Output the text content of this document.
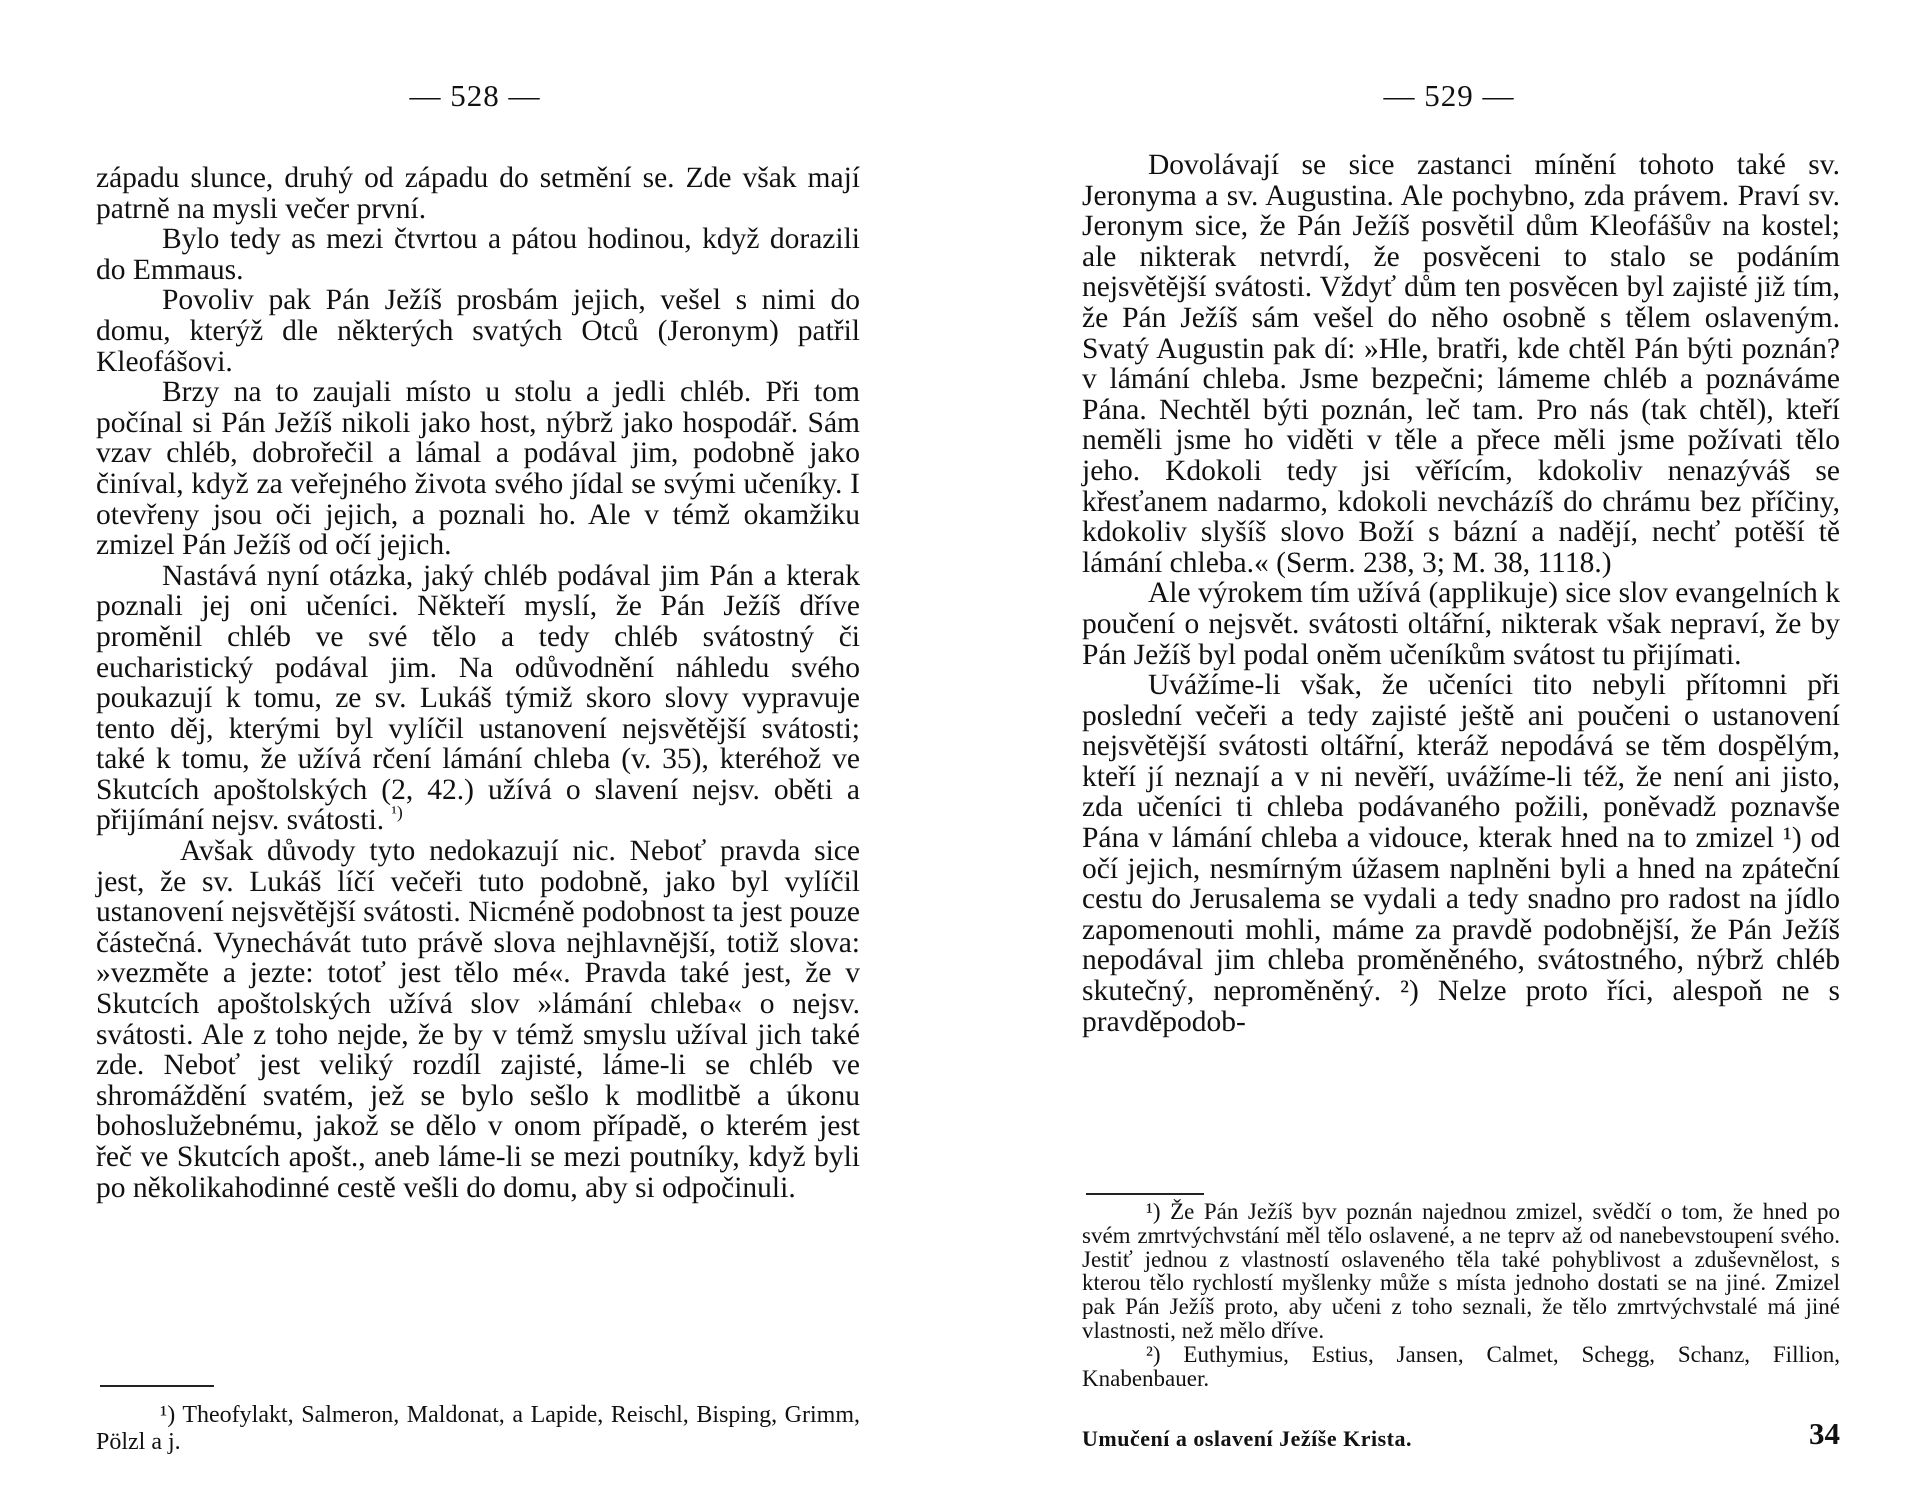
— 528 —

západu slunce, druhý od západu do setmění se. Zde však mají patrně na mysli večer první.

Bylo tedy as mezi čtvrtou a pátou hodinou, když dorazili do Emmaus.

Povoliv pak Pán Ježíš prosbám jejich, vešel s nimi do domu, kterýž dle některých svatých Otců (Jeronym) patřil Kleofášovi.

Brzy na to zaujali místo u stolu a jedli chléb. Při tom počínal si Pán Ježíš nikoli jako host, nýbrž jako hospodář. Sám vzav chléb, dobrořečil a lámal a podával jim, podobně jako činíval, když za veřejného života svého jídal se svými učeníky. I otevřeny jsou oči jejich, a poznali ho. Ale v témž okamžiku zmizel Pán Ježíš od očí jejich.

Nastává nyní otázka, jaký chléb podával jim Pán a kterak poznali jej oni učeníci. Někteří myslí, že Pán Ježíš dříve proměnil chléb ve své tělo a tedy chléb svátostný či eucharistický podával jim. Na odůvodnění náhledu svého poukazují k tomu, ze sv. Lukáš týmiž skoro slovy vypravuje tento děj, kterými byl vylíčil ustanovení nejsvětější svátosti; také k tomu, že užívá rčení lámání chleba (v. 35), kteréhož ve Skutcích apoštolských (2, 42.) užívá o slavení nejsv. oběti a přijímání nejsv. svátosti. $^{^1)}$

Avšak důvody tyto nedokazují nic. Neboť pravda sice jest, že sv. Lukáš líčí večeři tuto podobně, jako byl vylíčil ustanovení nejsvětější svátosti. Nicméně podobnost ta jest pouze částečná. Vynechávát tuto právě slova nejhlavnější, totiž slova: »vezměte a jezte: totoť jest tělo mé«. Pravda také jest, že v Skutcích apoštolských užívá slov »lámání chleba« o nejsv. svátosti. Ale z toho nejde, že by v témž smyslu užíval jich také zde. Neboť jest veliký rozdíl zajisté, láme-li se chléb ve shromáždění svatém, jež se bylo sešlo k modlitbě a úkonu bohoslužebnému, jakož se dělo v onom případě, o kterém jest řeč ve Skutcích apošt., aneb láme-li se mezi poutníky, když byli po několikahodinné cestě vešli do domu, aby si odpočinuli.

¹) Theofylakt, Salmeron, Maldonat, a Lapide, Reischl, Bisping, Grimm, Pölzl a j.

— 529 —

Dovolávají se sice zastanci mínění tohoto také sv. Jeronyma a sv. Augustina. Ale pochybno, zda právem. Praví sv. Jeronym sice, že Pán Ježíš posvětil dům Kleofášův na kostel; ale nikterak netvrdí, že posvěceni to stalo se podáním nejsvětější svátosti. Vždyť dům ten posvěcen byl zajisté již tím, že Pán Ježíš sám vešel do něho osobně s tělem oslaveným. Svatý Augustin pak dí: »Hle, bratři, kde chtěl Pán býti poznán? v lámání chleba. Jsme bezpečni; lámeme chléb a poznáváme Pána. Nechtěl býti poznán, leč tam. Pro nás (tak chtěl), kteří neměli jsme ho viděti v těle a přece měli jsme požívati tělo jeho. Kdokoli tedy jsi věřícím, kdokoliv nenazýváš se křesťanem nadarmo, kdokoli nevcházíš do chrámu bez příčiny, kdokoliv slyšíš slovo Boží s bázní a nadějí, nechť potěší tě lámání chleba.« (Serm. 238, 3; M. 38, 1118.)

Ale výrokem tím užívá (applikuje) sice slov evangelních k poučení o nejsvět. svátosti oltářní, nikterak však nepraví, že by Pán Ježíš byl podal oněm učeníkům svátost tu přijímati.

Uvážíme-li však, že učeníci tito nebyli přítomni při poslední večeři a tedy zajisté ještě ani poučeni o ustanovení nejsvětější svátosti oltářní, kteráž nepodává se těm dospělým, kteří jí neznají a v ni nevěří, uvážíme-li též, že není ani jisto, zda učeníci ti chleba podávaného požili, poněvadž poznavše Pána v lámání chleba a vidouce, kterak hned na to zmizel ¹) od očí jejich, nesmírným úžasem naplněni byli a hned na zpáteční cestu do Jerusalema se vydali a tedy snadno pro radost na jídlo zapomenouti mohli, máme za pravdě podobnější, že Pán Ježíš nepodával jim chleba proměněného, svátostného, nýbrž chléb skutečný, neproměněný. ²) Nelze proto říci, alespoň ne s pravděpodob-

¹) Že Pán Ježíš byv poznán najednou zmizel, svědčí o tom, že hned po svém zmrtvýchvstání měl tělo oslavené, a ne teprv až od nanebevstoupení svého. Jestiť jednou z vlastností oslaveného těla také pohyblivost a zduševnělost, s kterou tělo rychlostí myšlenky může s místa jednoho dostati se na jiné. Zmizel pak Pán Ježíš proto, aby učeni z toho seznali, že tělo zmrtvýchvstalé má jiné vlastnosti, než mělo dříve.

²) Euthymius, Estius, Jansen, Calmet, Schegg, Schanz, Fillion, Knabenbauer.

Umučení a oslavení Ježíše Krista.	34
